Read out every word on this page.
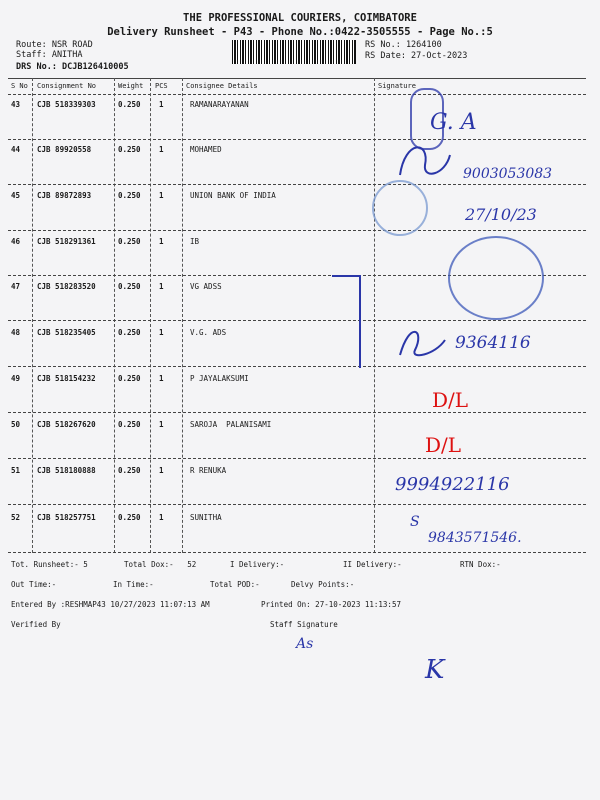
THE PROFESSIONAL COURIERS, COIMBATORE
Delivery Runsheet - P43 - Phone No.:0422-3505555 - Page No.:5
Route: NSR ROAD
Staff: ANITHA
DRS No.: DCJB126410005
RS No.: 1264100
RS Date: 27-Oct-2023
S No Consignment No	Weight PCS	Consignee Details	Signature
43 CJB 518339303	0.250 1	RAMANARAYANAN
44 CJB 89920558	0.250 1	MOHAMED
45 CJB 89872893	0.250 1	UNION BANK OF INDIA
46 CJB 518291361	0.250 1	IB
47 CJB 518283520	0.250 1	VG ADSS
48 CJB 518235405	0.250 1	V.G. ADS
49 CJB 518154232	0.250 1	P JAYALAKSUMI
50 CJB 518267620	0.250 1	SAROJA  PALANISAMI
51 CJB 518180888	0.250 1	R RENUKA
52 CJB 518257751	0.250 1	SUNITHA
Tot. Runsheet:- 5	Total Dox:-   52	I Delivery:-	II Delivery:-	RTN Dox:-
Out Time:-	In Time:-	Total POD:-	Delvy Points:-
Entered By :RESHMAP43 10/27/2023 11:07:13 AM	Printed On: 27-10-2023 11:13:57
Verified By	Staff Signature
G. A
9003053083
27/10/23
9364116
D/L
D/L
9994922116
S
9843571546.
As
K
